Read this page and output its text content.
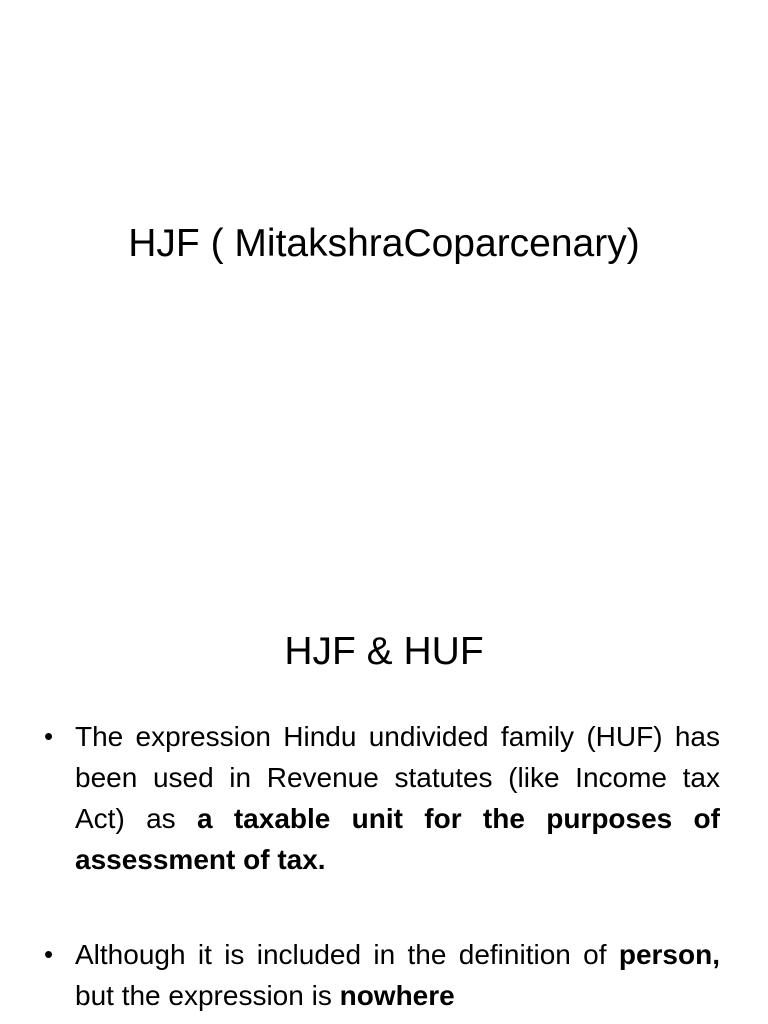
HJF ( MitakshraCoparcenary)
HJF & HUF
• The expression Hindu undivided family (HUF) has been used in Revenue statutes (like Income tax Act) as a taxable unit for the purposes of assessment of tax.
• Although it is included in the definition of person, but the expression is nowhere
